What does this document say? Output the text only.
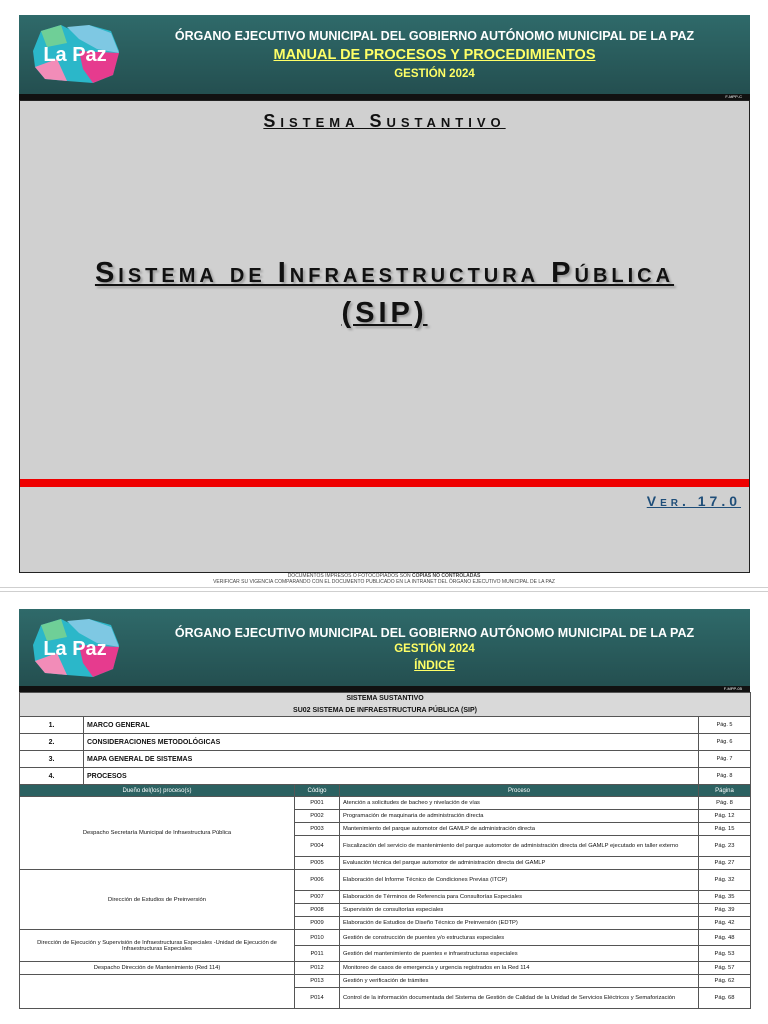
La Paz
ÓRGANO EJECUTIVO MUNICIPAL DEL GOBIERNO AUTÓNOMO MUNICIPAL DE LA PAZ
MANUAL DE PROCESOS Y PROCEDIMIENTOS
GESTIÓN 2024
F-MPP-C
Sistema Sustantivo
Sistema de Infraestructura Pública
(SIP)
Ver. 17.0
DOCUMENTOS IMPRESOS O FOTOCOPIADOS SON COPIAS NO CONTROLADAS
VERIFICAR SU VIGENCIA COMPARANDO CON EL DOCUMENTO PUBLICADO EN LA INTRANET DEL ÓRGANO EJECUTIVO MUNICIPAL DE LA PAZ
La Paz
ÓRGANO EJECUTIVO MUNICIPAL DEL GOBIERNO AUTÓNOMO MUNICIPAL DE LA PAZ
GESTIÓN 2024
ÍNDICE
F-MPP-05
SISTEMA SUSTANTIVO				
SU02 SISTEMA DE INFRAESTRUCTURA PÚBLICA (SIP)				
1.	MARCO GENERAL			Pág. 5
2.	CONSIDERACIONES METODOLÓGICAS			Pág. 6
3.	MAPA GENERAL DE SISTEMAS			Pág. 7
4.	PROCESOS			Pág. 8
Dueño del(los) proceso(s)		Código	Proceso	Página
Despacho Secretaría Municipal de Infraestructura Pública		P001	Atención a solicitudes de bacheo y nivelación de vías	Pág. 8
		P002	Programación de maquinaria de administración directa	Pág. 12
		P003	Mantenimiento del parque automotor del GAMLP de administración directa	Pág. 15
		P004	Fiscalización del servicio de mantenimiento del parque automotor de administración directa del GAMLP ejecutado en taller externo	Pág. 23
		P005	Evaluación técnica del parque automotor de administración directa del GAMLP	Pág. 27
Dirección de Estudios de Preinversión		P006	Elaboración del Informe Técnico de Condiciones Previas (ITCP)	Pág. 32
		P007	Elaboración de Términos de Referencia para Consultorías Especiales	Pág. 35
		P008	Supervisión de consultorías especiales	Pág. 39
		P009	Elaboración de Estudios de Diseño Técnico de Preinversión (EDTP)	Pág. 42
Dirección de Ejecución y Supervisión de Infraestructuras Especiales -Unidad de Ejecución de Infraestructuras Especiales		P010	Gestión de construcción de puentes y/o estructuras especiales	Pág. 48
		P011	Gestión del mantenimiento de puentes e infraestructuras especiales	Pág. 53
Despacho Dirección de Mantenimiento (Red 114)		P012	Monitoreo de casos de emergencia y urgencia registrados en la Red 114	Pág. 57
		P013	Gestión y verificación de trámites	Pág. 62
		P014	Control de la información documentada del Sistema de Gestión de Calidad de la Unidad de Servicios Eléctricos y Semaforización	Pág. 68
